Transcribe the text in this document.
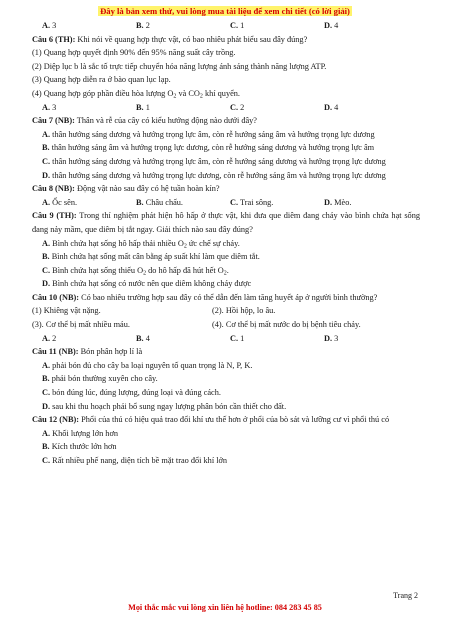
Đây là bản xem thử, vui lòng mua tài liệu để xem chi tiết (có lời giải)
A. 3	B. 2	C. 1	D. 4
Câu 6 (TH): Khi nói về quang hợp thực vật, có bao nhiêu phát biểu sau đây đúng?
(1) Quang hợp quyết định 90% đến 95% năng suất cây trồng.
(2) Diệp lục b là sắc tố trực tiếp chuyển hóa năng lượng ánh sáng thành năng lượng ATP.
(3) Quang hợp diễn ra ở bào quan lục lạp.
(4) Quang hợp góp phần điều hòa lượng $O_2$ và $CO_2$ khí quyển.
A. 3	B. 1	C. 2	D. 4
Câu 7 (NB): Thân và rễ của cây có kiểu hướng động nào dưới đây?
A. thân hướng sáng dương và hướng trọng lực âm, còn rễ hướng sáng âm và hướng trọng lực dương
B. thân hướng sáng âm và hướng trọng lực dương, còn rễ hướng sáng dương và hướng trọng lực âm
C. thân hướng sáng dương và hướng trọng lực âm, còn rễ hướng sáng dương và hướng trọng lực dương
D. thân hướng sáng dương và hướng trọng lực dương, còn rễ hướng sáng âm và hướng trọng lực dương
Câu 8 (NB): Động vật nào sau đây có hệ tuần hoàn kín?
A. Ốc sên.	B. Châu chấu.	C. Trai sông.	D. Mèo.
Câu 9 (TH): Trong thí nghiệm phát hiện hô hấp ở thực vật, khi đưa que diêm đang cháy vào bình chứa hạt sống đang nảy mầm, que diêm bị tắt ngay. Giải thích nào sau đây đúng?
A. Bình chứa hạt sống hô hấp thải nhiều $O_2$ ức chế sự cháy.
B. Bình chứa hạt sống mất cân bằng áp suất khí làm que diêm tắt.
C. Bình chứa hạt sống thiếu $O_2$ do hô hấp đã hút hết $O_2$.
D. Bình chứa hạt sống có nước nên que diêm không cháy được
Câu 10 (NB): Có bao nhiêu trường hợp sau đây có thể dẫn đến làm tăng huyết áp ở người bình thường?
(1) Khiêng vật nặng.	(2). Hồi hộp, lo âu.
(3). Cơ thể bị mất nhiều máu.	(4). Cơ thể bị mất nước do bị bệnh tiêu chảy.
A. 2	B. 4	C. 1	D. 3
Câu 11 (NB): Bón phân hợp lí là
A. phải bón đủ cho cây ba loại nguyên tố quan trọng là N, P, K.
B. phải bón thường xuyên cho cây.
C. bón đúng lúc, đúng lượng, đúng loại và đúng cách.
D. sau khi thu hoạch phải bổ sung ngay lượng phân bón cần thiết cho đất.
Câu 12 (NB): Phổi của thú có hiệu quả trao đổi khí ưu thế hơn ở phổi của bò sát và lưỡng cư vì phổi thú có
A. Khối lượng lớn hơn
B. Kích thước lớn hơn
C. Rất nhiều phế nang, diện tích bề mặt trao đổi khí lớn
Trang 2
Mọi thắc mắc vui lòng xin liên hệ hotline: 084 283 45 85
